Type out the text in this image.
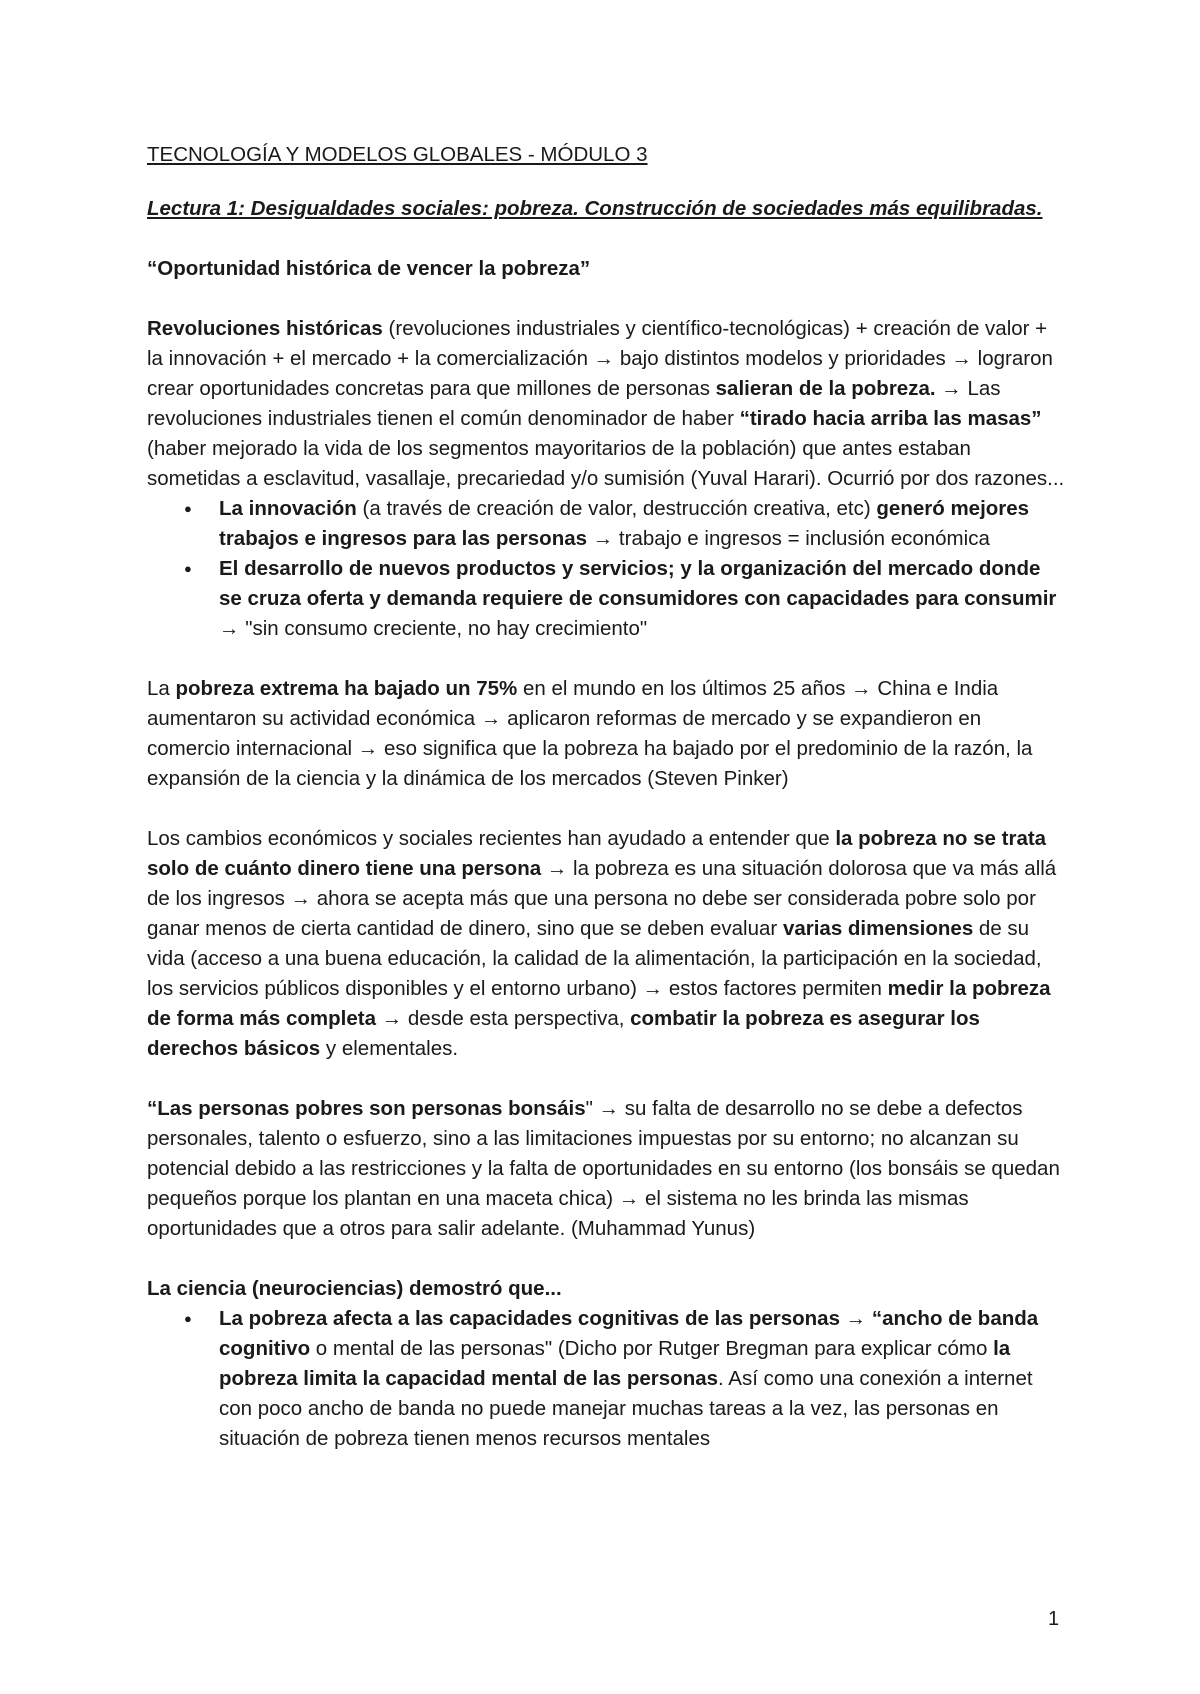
TECNOLOGÍA Y MODELOS GLOBALES - MÓDULO 3

Lectura 1: Desigualdades sociales: pobreza. Construcción de sociedades más equilibradas.

“Oportunidad histórica de vencer la pobreza”

Revoluciones históricas (revoluciones industriales y científico-tecnológicas) + creación de valor + la innovación + el mercado + la comercialización → bajo distintos modelos y prioridades → lograron crear oportunidades concretas para que millones de personas salieran de la pobreza. → Las revoluciones industriales tienen el común denominador de haber “tirado hacia arriba las masas” (haber mejorado la vida de los segmentos mayoritarios de la población) que antes estaban sometidas a esclavitud, vasallaje, precariedad y/o sumisión (Yuval Harari). Ocurrió por dos razones...

● La innovación (a través de creación de valor, destrucción creativa, etc) generó mejores trabajos e ingresos para las personas → trabajo e ingresos = inclusión económica
● El desarrollo de nuevos productos y servicios; y la organización del mercado donde se cruza oferta y demanda requiere de consumidores con capacidades para consumir → "sin consumo creciente, no hay crecimiento"

La pobreza extrema ha bajado un 75% en el mundo en los últimos 25 años → China e India aumentaron su actividad económica → aplicaron reformas de mercado y se expandieron en comercio internacional → eso significa que la pobreza ha bajado por el predominio de la razón, la expansión de la ciencia y la dinámica de los mercados (Steven Pinker)

Los cambios económicos y sociales recientes han ayudado a entender que la pobreza no se trata solo de cuánto dinero tiene una persona → la pobreza es una situación dolorosa que va más allá de los ingresos → ahora se acepta más que una persona no debe ser considerada pobre solo por ganar menos de cierta cantidad de dinero, sino que se deben evaluar varias dimensiones de su vida (acceso a una buena educación, la calidad de la alimentación, la participación en la sociedad, los servicios públicos disponibles y el entorno urbano) → estos factores permiten medir la pobreza de forma más completa → desde esta perspectiva, combatir la pobreza es asegurar los derechos básicos y elementales.

“Las personas pobres son personas bonsáis" → su falta de desarrollo no se debe a defectos personales, talento o esfuerzo, sino a las limitaciones impuestas por su entorno; no alcanzan su potencial debido a las restricciones y la falta de oportunidades en su entorno (los bonsáis se quedan pequeños porque los plantan en una maceta chica) → el sistema no les brinda las mismas oportunidades que a otros para salir adelante. (Muhammad Yunus)

La ciencia (neurociencias) demostró que...

● La pobreza afecta a las capacidades cognitivas de las personas → “ancho de banda cognitivo o mental de las personas" (Dicho por Rutger Bregman para explicar cómo la pobreza limita la capacidad mental de las personas. Así como una conexión a internet con poco ancho de banda no puede manejar muchas tareas a la vez, las personas en situación de pobreza tienen menos recursos mentales
1
